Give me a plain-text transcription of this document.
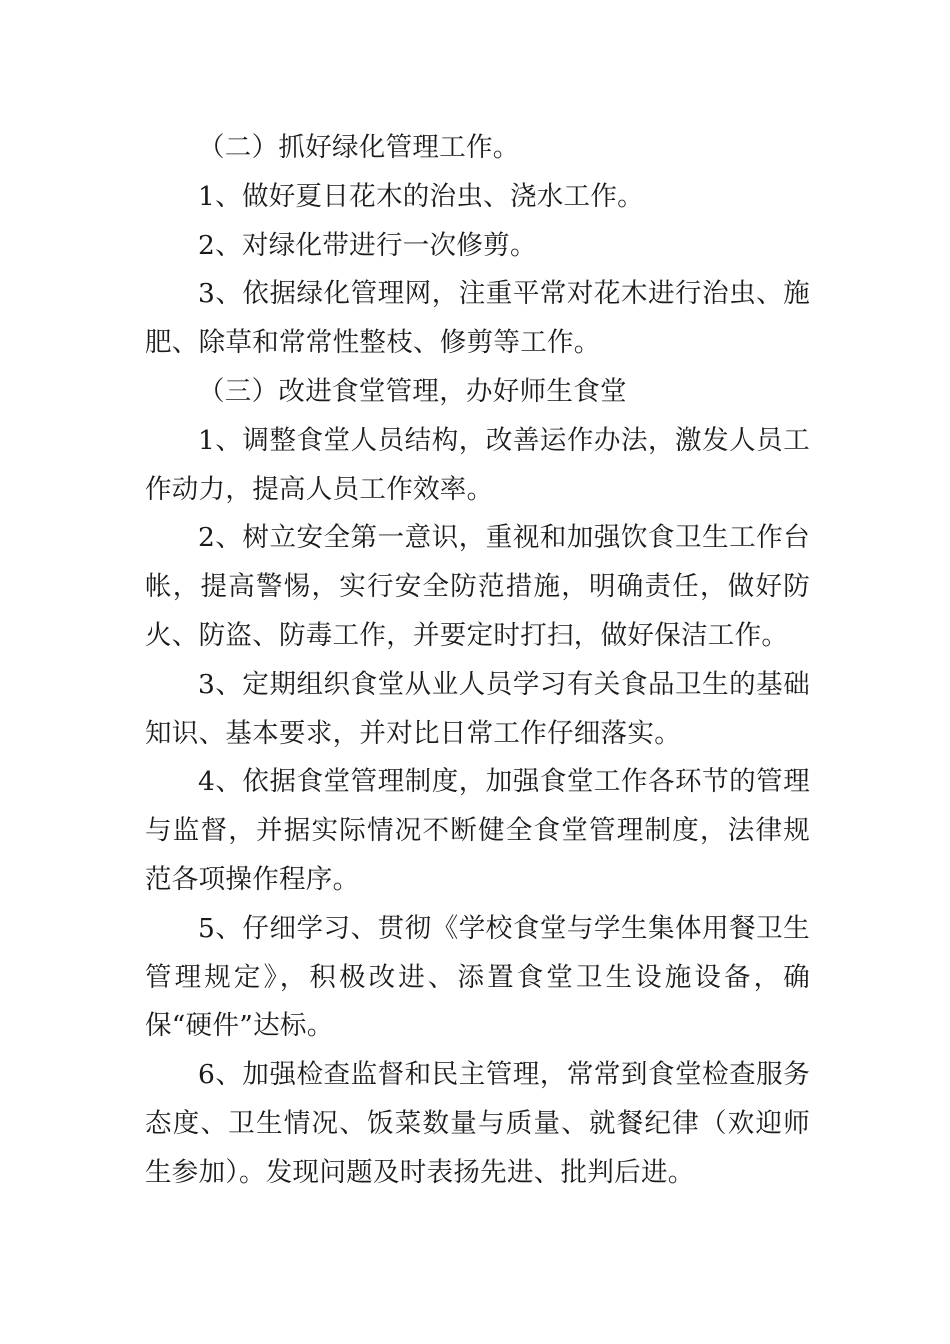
（二）抓好绿化管理工作。

1、做好夏日花木的治虫、浇水工作。

2、对绿化带进行一次修剪。

3、依据绿化管理网，注重平常对花木进行治虫、施肥、除草和常常性整枝、修剪等工作。

（三）改进食堂管理，办好师生食堂

1、调整食堂人员结构，改善运作办法，激发人员工作动力，提高人员工作效率。

2、树立安全第一意识，重视和加强饮食卫生工作台帐，提高警惕，实行安全防范措施，明确责任，做好防火、防盗、防毒工作，并要定时打扫，做好保洁工作。

3、定期组织食堂从业人员学习有关食品卫生的基础知识、基本要求，并对比日常工作仔细落实。

4、依据食堂管理制度，加强食堂工作各环节的管理与监督，并据实际情况不断健全食堂管理制度，法律规范各项操作程序。

5、仔细学习、贯彻《学校食堂与学生集体用餐卫生管理规定》，积极改进、添置食堂卫生设施设备，确保“硬件”达标。

6、加强检查监督和民主管理，常常到食堂检查服务态度、卫生情况、饭菜数量与质量、就餐纪律（欢迎师生参加）。发现问题及时表扬先进、批判后进。
